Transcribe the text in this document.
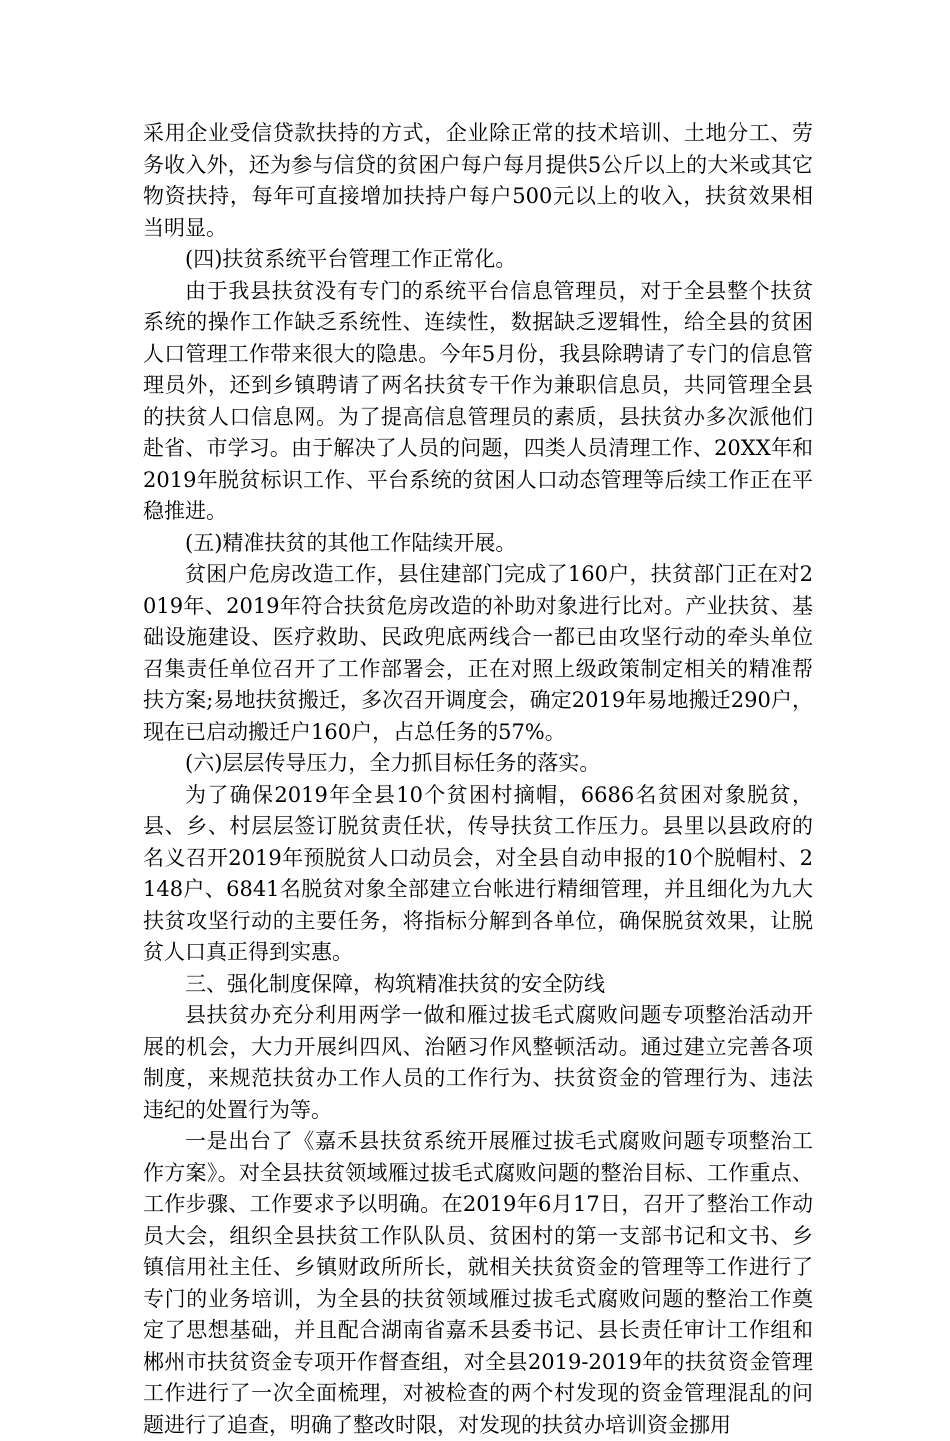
采用企业受信贷款扶持的方式，企业除正常的技术培训、土地分工、劳务收入外，还为参与信贷的贫困户每户每月提供5公斤以上的大米或其它物资扶持，每年可直接增加扶持户每户500元以上的收入，扶贫效果相当明显。

(四)扶贫系统平台管理工作正常化。

由于我县扶贫没有专门的系统平台信息管理员，对于全县整个扶贫系统的操作工作缺乏系统性、连续性，数据缺乏逻辑性，给全县的贫困人口管理工作带来很大的隐患。今年5月份，我县除聘请了专门的信息管理员外，还到乡镇聘请了两名扶贫专干作为兼职信息员，共同管理全县的扶贫人口信息网。为了提高信息管理员的素质，县扶贫办多次派他们赴省、市学习。由于解决了人员的问题，四类人员清理工作、20XX年和2019年脱贫标识工作、平台系统的贫困人口动态管理等后续工作正在平稳推进。

(五)精准扶贫的其他工作陆续开展。

贫困户危房改造工作，县住建部门完成了160户，扶贫部门正在对2019年、2019年符合扶贫危房改造的补助对象进行比对。产业扶贫、基础设施建设、医疗救助、民政兜底两线合一都已由攻坚行动的牵头单位召集责任单位召开了工作部署会，正在对照上级政策制定相关的精准帮扶方案;易地扶贫搬迁，多次召开调度会，确定2019年易地搬迁290户，现在已启动搬迁户160户，占总任务的57%。

(六)层层传导压力，全力抓目标任务的落实。

为了确保2019年全县10个贫困村摘帽，6686名贫困对象脱贫，县、乡、村层层签订脱贫责任状，传导扶贫工作压力。县里以县政府的名义召开2019年预脱贫人口动员会，对全县自动申报的10个脱帽村、2148户、6841名脱贫对象全部建立台帐进行精细管理，并且细化为九大扶贫攻坚行动的主要任务，将指标分解到各单位，确保脱贫效果，让脱贫人口真正得到实惠。

三、强化制度保障，构筑精准扶贫的安全防线

县扶贫办充分利用两学一做和雁过拔毛式腐败问题专项整治活动开展的机会，大力开展纠四风、治陋习作风整顿活动。通过建立完善各项制度，来规范扶贫办工作人员的工作行为、扶贫资金的管理行为、违法违纪的处置行为等。

一是出台了《嘉禾县扶贫系统开展雁过拔毛式腐败问题专项整治工作方案》。对全县扶贫领域雁过拔毛式腐败问题的整治目标、工作重点、工作步骤、工作要求予以明确。在2019年6月17日，召开了整治工作动员大会，组织全县扶贫工作队队员、贫困村的第一支部书记和文书、乡镇信用社主任、乡镇财政所所长，就相关扶贫资金的管理等工作进行了专门的业务培训，为全县的扶贫领域雁过拔毛式腐败问题的整治工作奠定了思想基础，并且配合湖南省嘉禾县委书记、县长责任审计工作组和郴州市扶贫资金专项开作督查组，对全县2019-2019年的扶贫资金管理工作进行了一次全面梳理，对被检查的两个村发现的资金管理混乱的问题进行了追查，明确了整改时限，对发现的扶贫办培训资金挪用
